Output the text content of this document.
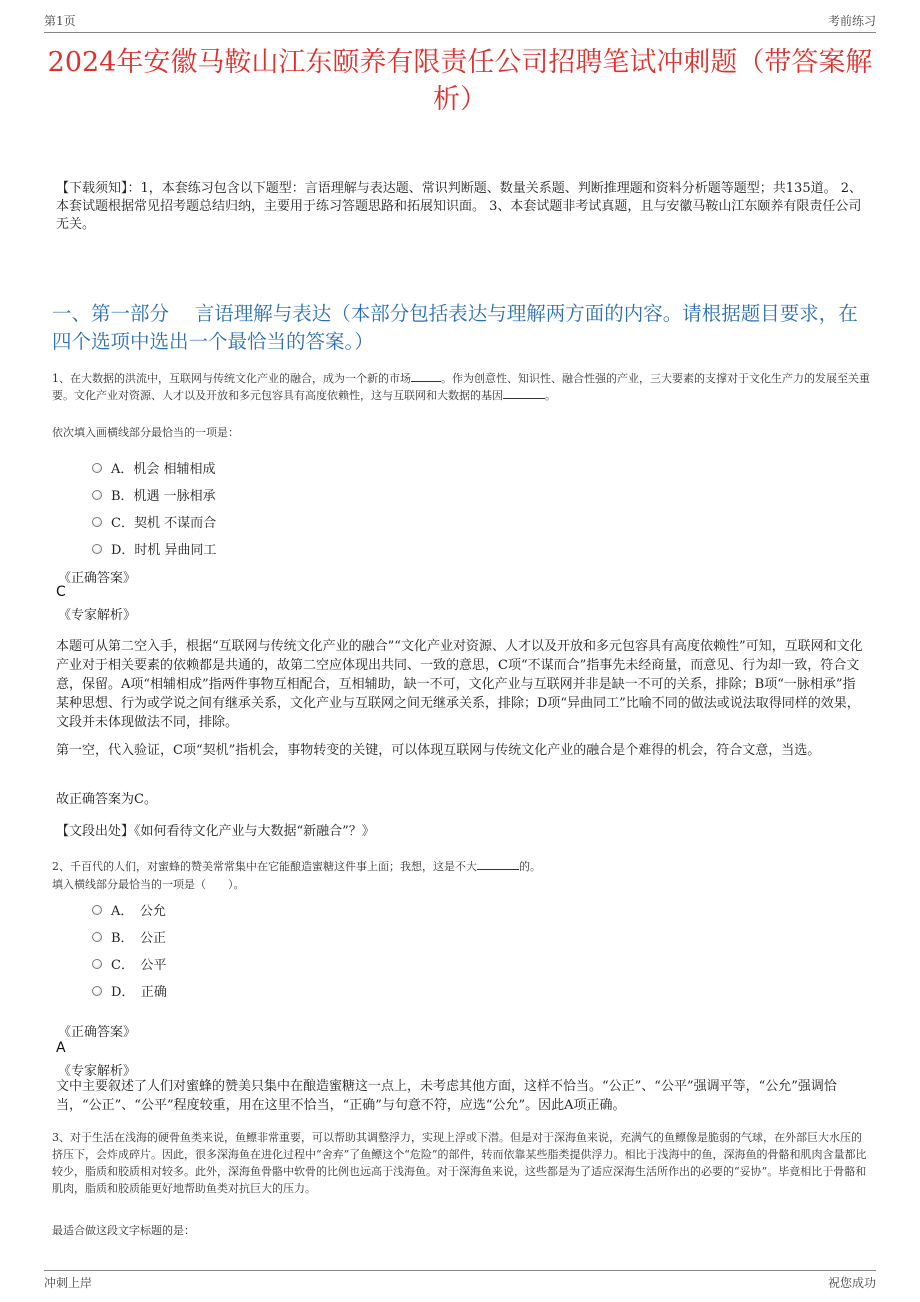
第1页	考前练习
2024年安徽马鞍山江东颐养有限责任公司招聘笔试冲刺题（带答案解析）
【下载须知】：1，本套练习包含以下题型：言语理解与表达题、常识判断题、数量关系题、判断推理题和资料分析题等题型；共135道。 2、本套试题根据常见招考题总结归纳，主要用于练习答题思路和拓展知识面。 3、本套试题非考试真题，且与安徽马鞍山江东颐养有限责任公司无关。
一、第一部分　 言语理解与表达（本部分包括表达与理解两方面的内容。请根据题目要求，在四个选项中选出一个最恰当的答案。）
1、在大数据的洪流中，互联网与传统文化产业的融合，成为一个新的市场	。作为创意性、知识性、融合性强的产业，三大要素的支撑对于文化生产力的发展至关重要。文化产业对资源、人才以及开放和多元包容具有高度依赖性，这与互联网和大数据的基因	。
依次填入画横线部分最恰当的一项是：
A．机会 相辅相成
B．机遇 一脉相承
C．契机 不谋而合
D．时机 异曲同工
《正确答案》
C
《专家解析》
本题可从第二空入手，根据“互联网与传统文化产业的融合”“文化产业对资源、人才以及开放和多元包容具有高度依赖性”可知，互联网和文化产业对于相关要素的依赖都是共通的，故第二空应体现出共同、一致的意思，C项“不谋而合”指事先未经商量，而意见、行为却一致，符合文意，保留。A项“相辅相成”指两件事物互相配合，互相辅助，缺一不可，文化产业与互联网并非是缺一不可的关系，排除；B项“一脉相承”指某种思想、行为或学说之间有继承关系，文化产业与互联网之间无继承关系，排除；D项“异曲同工”比喻不同的做法或说法取得同样的效果，文段并未体现做法不同，排除。
第一空，代入验证，C项“契机”指机会，事物转变的关键，可以体现互联网与传统文化产业的融合是个难得的机会，符合文意，当选。
故正确答案为C。
【文段出处】《如何看待文化产业与大数据“新融合”？》
2、千百代的人们，对蜜蜂的赞美常常集中在它能酿造蜜糖这件事上面；我想，这是不大	的。
填入横线部分最恰当的一项是（　　）。
A．　公允
B．　公正
C．　公平
D．　正确
《正确答案》
A
《专家解析》
文中主要叙述了人们对蜜蜂的赞美只集中在酿造蜜糖这一点上，未考虑其他方面，这样不恰当。“公正”、“公平”强调平等，“公允”强调恰当，“公正”、“公平”程度较重，用在这里不恰当，“正确”与句意不符，应选“公允”。因此A项正确。
3、对于生活在浅海的硬骨鱼类来说，鱼鳔非常重要，可以帮助其调整浮力，实现上浮或下潜。但是对于深海鱼来说，充满气的鱼鳔像是脆弱的气球，在外部巨大水压的挤压下，会炸成碎片。因此，很多深海鱼在进化过程中“舍弃”了鱼鳔这个“危险”的部件，转而依靠某些脂类提供浮力。相比于浅海中的鱼，深海鱼的骨骼和肌肉含量都比较少，脂质和胶质相对较多。此外，深海鱼骨骼中软骨的比例也远高于浅海鱼。对于深海鱼来说，这些都是为了适应深海生活所作出的必要的“妥协”。毕竟相比于骨骼和肌肉，脂质和胶质能更好地帮助鱼类对抗巨大的压力。
最适合做这段文字标题的是：
冲刺上岸	祝您成功
